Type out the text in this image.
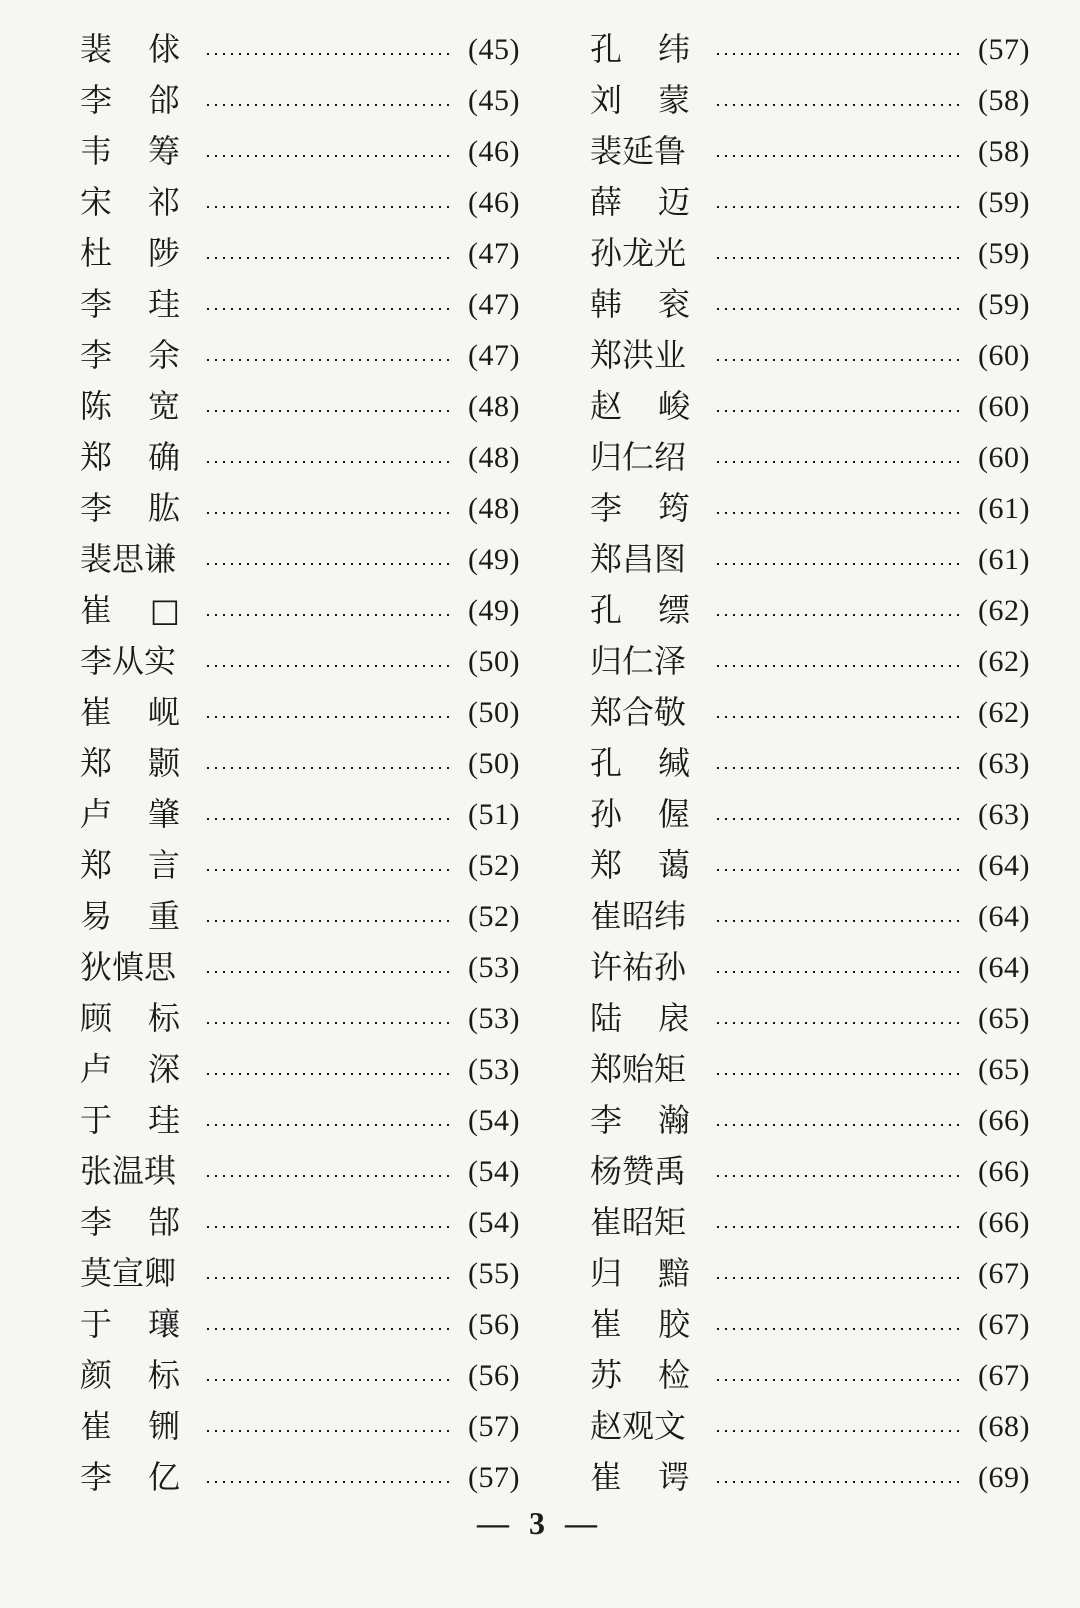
裴 俅	(45)
李 郃	(45)
韦 筹	(46)
宋 祁	(46)
杜 陟	(47)
李 珪	(47)
李 余	(47)
陈 宽	(48)
郑 确	(48)
李 肱	(48)
裴思谦	(49)
崔 □	(49)
李从实	(50)
崔 岘	(50)
郑 颢	(50)
卢 肇	(51)
郑 言	(52)
易 重	(52)
狄慎思	(53)
顾 标	(53)
卢 深	(53)
于 珪	(54)
张温琪	(54)
李 郜	(54)
莫宣卿	(55)
于 瓖	(56)
颜 标	(56)
崔 铏	(57)
李 亿	(57)
孔 纬	(57)
刘 蒙	(58)
裴延鲁	(58)
薛 迈	(59)
孙龙光	(59)
韩 衮	(59)
郑洪业	(60)
赵 峻	(60)
归仁绍	(60)
李 筠	(61)
郑昌图	(61)
孔 缥	(62)
归仁泽	(62)
郑合敬	(62)
孔 缄	(63)
孙 偓	(63)
郑 蔼	(64)
崔昭纬	(64)
许祐孙	(64)
陆 扆	(65)
郑贻矩	(65)
李 瀚	(66)
杨赞禹	(66)
崔昭矩	(66)
归 黯	(67)
崔 胶	(67)
苏 检	(67)
赵观文	(68)
崔 谔	(69)
— 3 —
